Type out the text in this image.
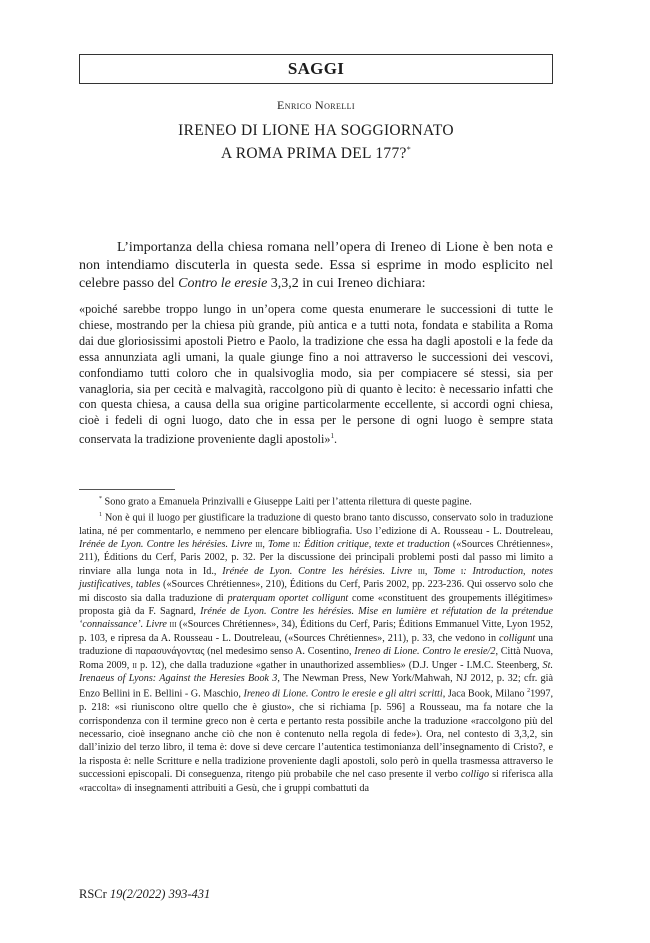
SAGGI
Enrico Norelli
IRENEO DI LIONE HA SOGGIORNATO
A ROMA PRIMA DEL 177?*

L’importanza della chiesa romana nell’opera di Ireneo di Lione è ben nota e non intendiamo discuterla in questa sede. Essa si esprime in modo esplicito nel celebre passo del Contro le eresie 3,3,2 in cui Ireneo dichiara:

«poiché sarebbe troppo lungo in un’opera come questa enumerare le successioni di tutte le chiese, mostrando per la chiesa più grande, più antica e a tutti nota, fondata e stabilita a Roma dai due gloriosissimi apostoli Pietro e Paolo, la tradizione che essa ha dagli apostoli e la fede da essa annunziata agli umani, la quale giunge fino a noi attraverso le successioni dei vescovi, confondiamo tutti coloro che in qualsivoglia modo, sia per compiacere sé stessi, sia per vanagloria, sia per cecità e malvagità, raccolgono più di quanto è lecito: è necessario infatti che con questa chiesa, a causa della sua origine particolarmente eccellente, si accordi ogni chiesa, cioè i fedeli di ogni luogo, dato che in essa per le persone di ogni luogo è sempre stata conservata la tradizione proveniente dagli apostoli»$^1$.

* Sono grato a Emanuela Prinzivalli e Giuseppe Laiti per l’attenta rilettura di queste pagine.

$^1$ Non è qui il luogo per giustificare la traduzione di questo brano tanto discusso, conservato solo in traduzione latina, né per commentarlo, e nemmeno per elencare bibliografia. Uso l’edizione di A. Rousseau - L. Doutreleau, Irénée de Lyon. Contre les hérésies. Livre iii, Tome ii: Édition critique, texte et traduction («Sources Chrétiennes», 211), Éditions du Cerf, Paris 2002, p. 32. Per la discussione dei principali problemi posti dal passo mi limito a rinviare alla lunga nota in Id., Irénée de Lyon. Contre les hérésies. Livre iii, Tome i: Introduction, notes justificatives, tables («Sources Chrétiennes», 210), Éditions du Cerf, Paris 2002, pp. 223-236. Qui osservo solo che mi discosto sia dalla traduzione di praterquam oportet colligunt come «constituent des groupements illégitimes» proposta già da F. Sagnard, Irénée de Lyon. Contre les hérésies. Mise en lumière et réfutation de la prétendue ‘connaissance’. Livre iii («Sources Chrétiennes», 34), Éditions du Cerf, Paris; Éditions Emmanuel Vitte, Lyon 1952, p. 103, e ripresa da A. Rousseau - L. Doutreleau, («Sources Chrétiennes», 211), p. 33, che vedono in colligunt una traduzione di παρασυνάγοντας (nel medesimo senso A. Cosentino, Ireneo di Lione. Contro le eresie/2, Città Nuova, Roma 2009, ii p. 12), che dalla traduzione «gather in unauthorized assemblies» (D.J. Unger - I.M.C. Steenberg, St. Irenaeus of Lyons: Against the Heresies Book 3, The Newman Press, New York/Mahwah, NJ 2012, p. 32; cfr. già Enzo Bellini in E. Bellini - G. Maschio, Ireneo di Lione. Contro le eresie e gli altri scritti, Jaca Book, Milano $^2$1997, p. 218: «si riuniscono oltre quello che è giusto», che si richiama [p. 596] a Rousseau, ma fa notare che la corrispondenza con il termine greco non è certa e pertanto resta possibile anche la traduzione «raccolgono più del necessario, cioè insegnano anche ciò che non è contenuto nella regola di fede»). Ora, nel contesto di 3,3,2, sin dall’inizio del terzo libro, il tema è: dove si deve cercare l’autentica testimonianza dell’insegnamento di Cristo?, e la risposta è: nelle Scritture e nella tradizione proveniente dagli apostoli, solo però in quella trasmessa attraverso le successioni episcopali. Di conseguenza, ritengo più probabile che nel caso presente il verbo colligo si riferisca alla «raccolta» di insegnamenti attribuiti a Gesù, che i gruppi combattuti da

RSCr 19(2/2022) 393-431
